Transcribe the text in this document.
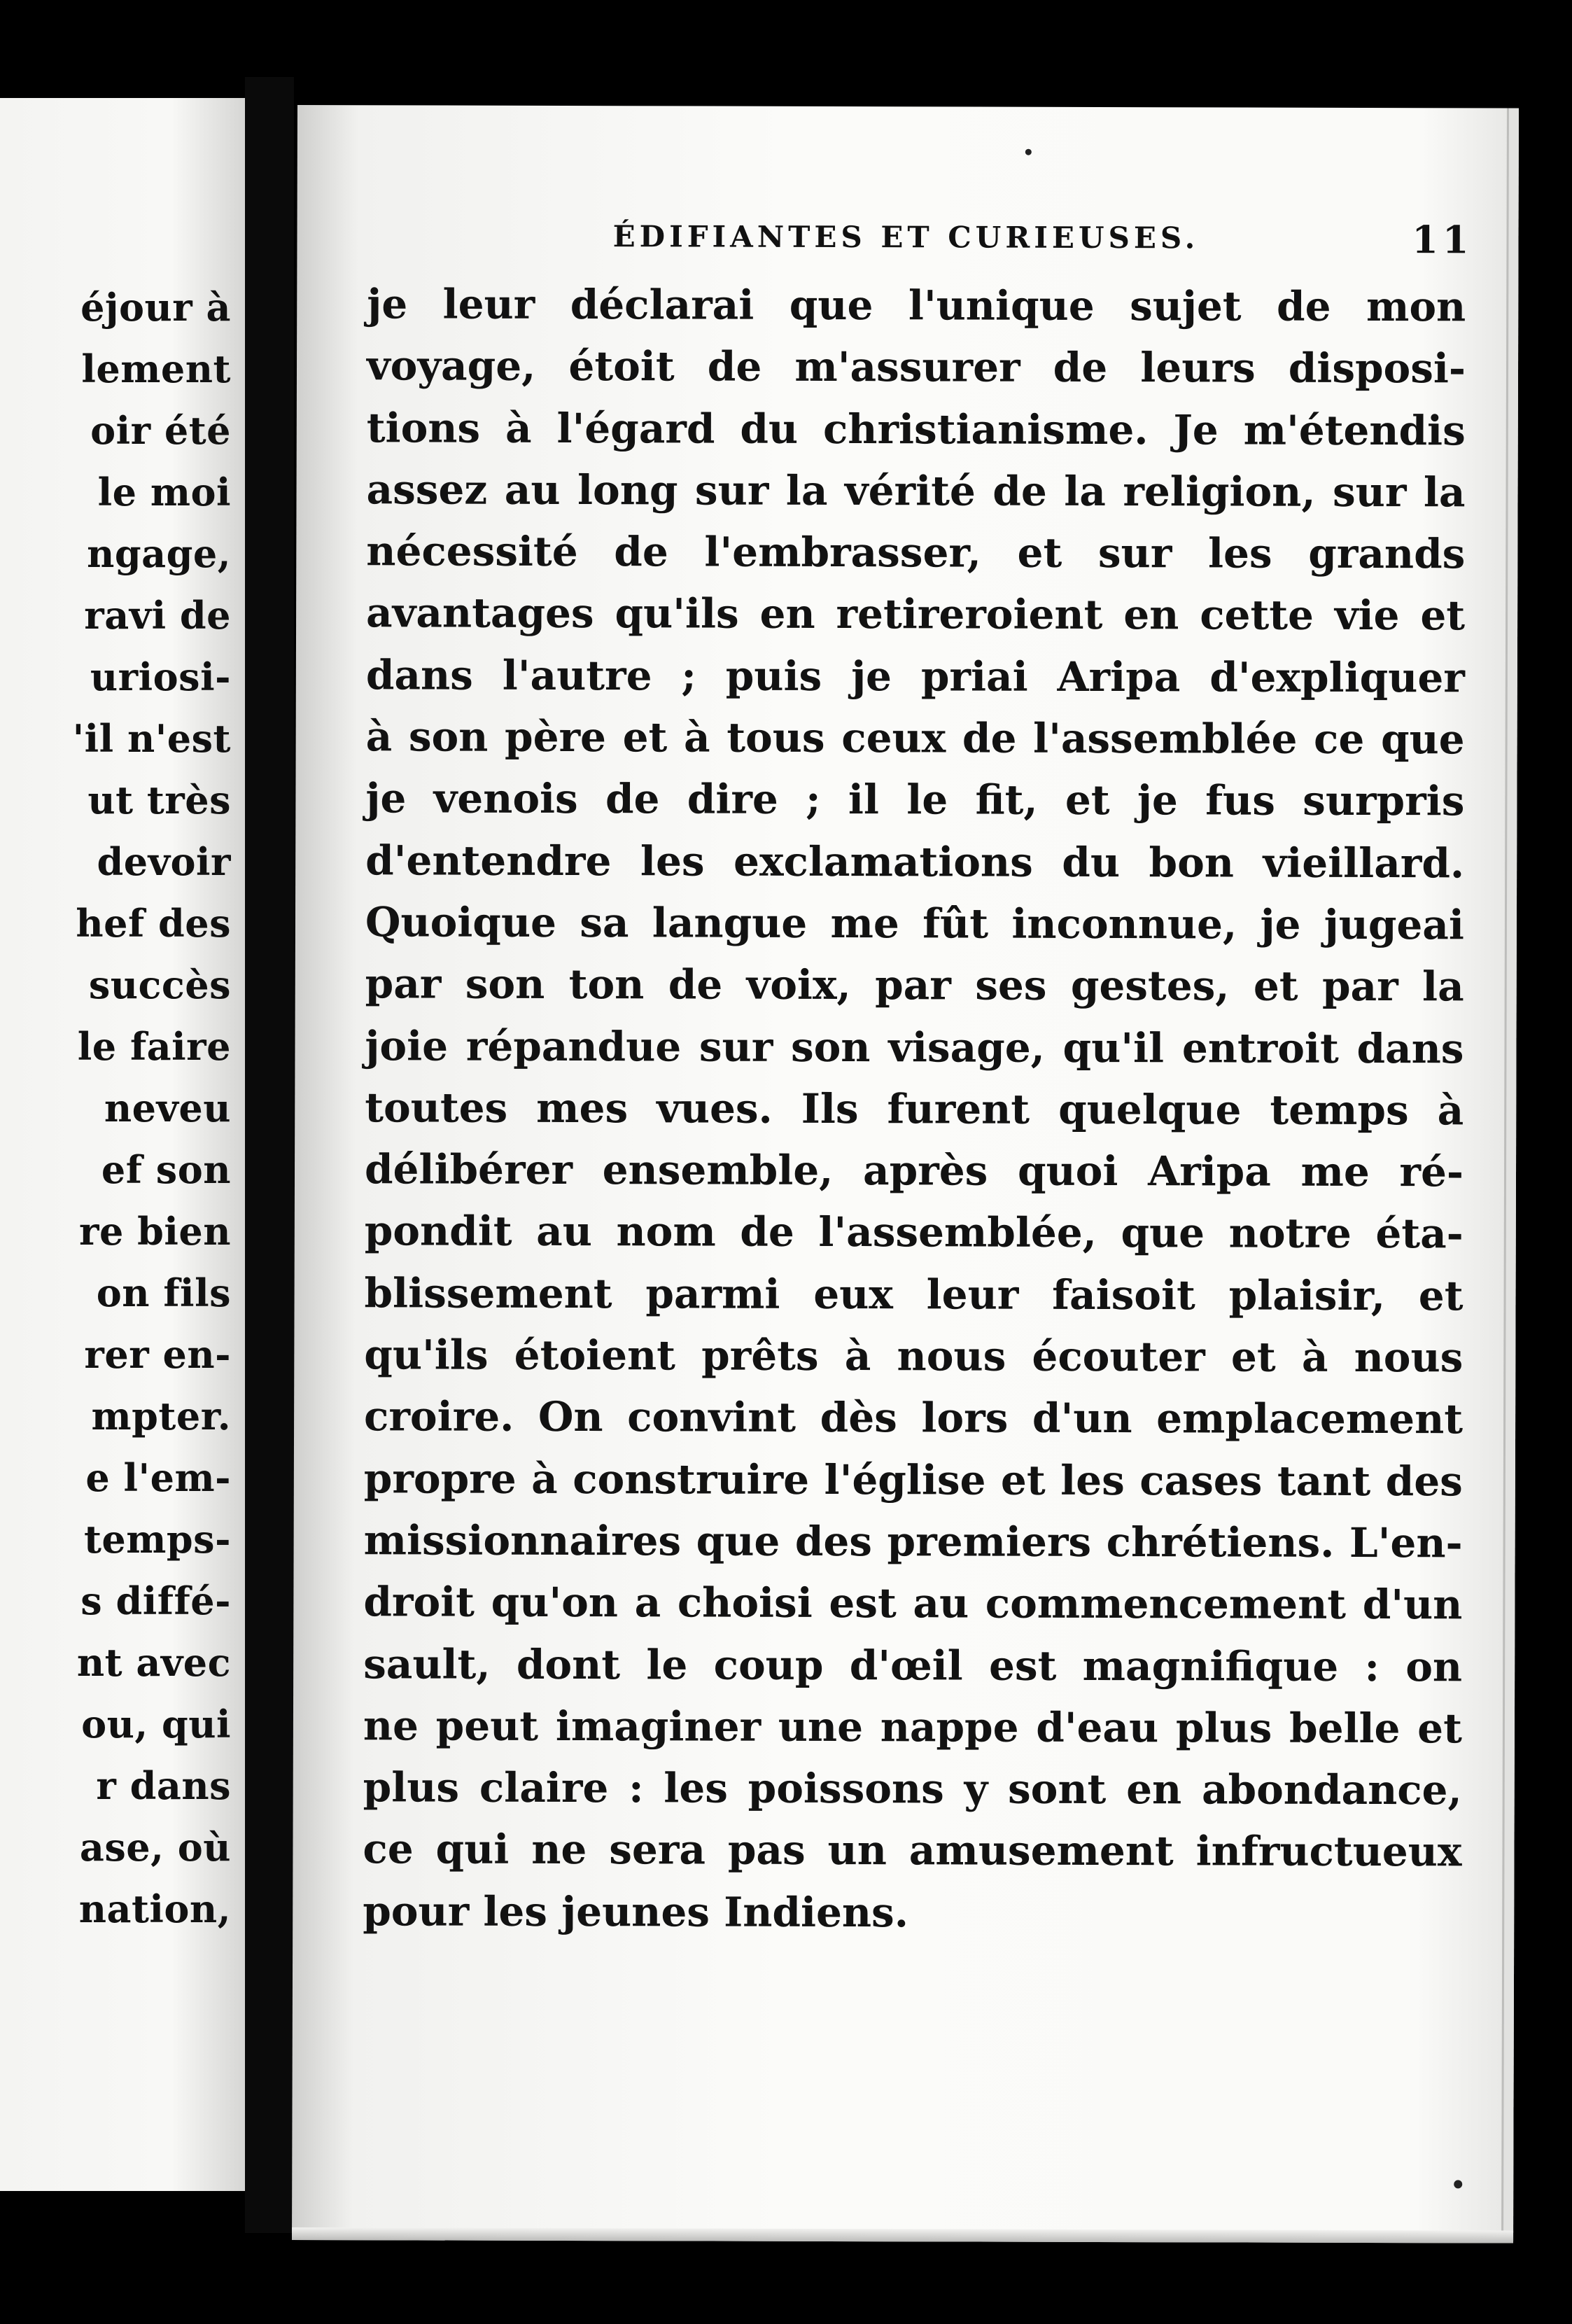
éjour à
lement
oir été
le moi
ngage,
ravi de
uriosi-
'il n'est
ut très
devoir
hef des
succès
le faire
neveu
ef son
re bien
on fils
rer en-
mpter.
e l'em-
temps-
s diffé-
nt avec
ou, qui
r dans
ase, où
nation,
ÉDIFIANTES ET CURIEUSES.	11
je leur déclarai que l'unique sujet de mon
voyage, étoit de m'assurer de leurs disposi-
tions à l'égard du christianisme. Je m'étendis
assez au long sur la vérité de la religion, sur la
nécessité de l'embrasser, et sur les grands
avantages qu'ils en retireroient en cette vie et
dans l'autre ; puis je priai Aripa d'expliquer
à son père et à tous ceux de l'assemblée ce que
je venois de dire ; il le fit, et je fus surpris
d'entendre les exclamations du bon vieillard.
Quoique sa langue me fût inconnue, je jugeai
par son ton de voix, par ses gestes, et par la
joie répandue sur son visage, qu'il entroit dans
toutes mes vues. Ils furent quelque temps à
délibérer ensemble, après quoi Aripa me ré-
pondit au nom de l'assemblée, que notre éta-
blissement parmi eux leur faisoit plaisir, et
qu'ils étoient prêts à nous écouter et à nous
croire. On convint dès lors d'un emplacement
propre à construire l'église et les cases tant des
missionnaires que des premiers chrétiens. L'en-
droit qu'on a choisi est au commencement d'un
sault, dont le coup d'œil est magnifique : on
ne peut imaginer une nappe d'eau plus belle et
plus claire : les poissons y sont en abondance,
ce qui ne sera pas un amusement infructueux
pour les jeunes Indiens.
